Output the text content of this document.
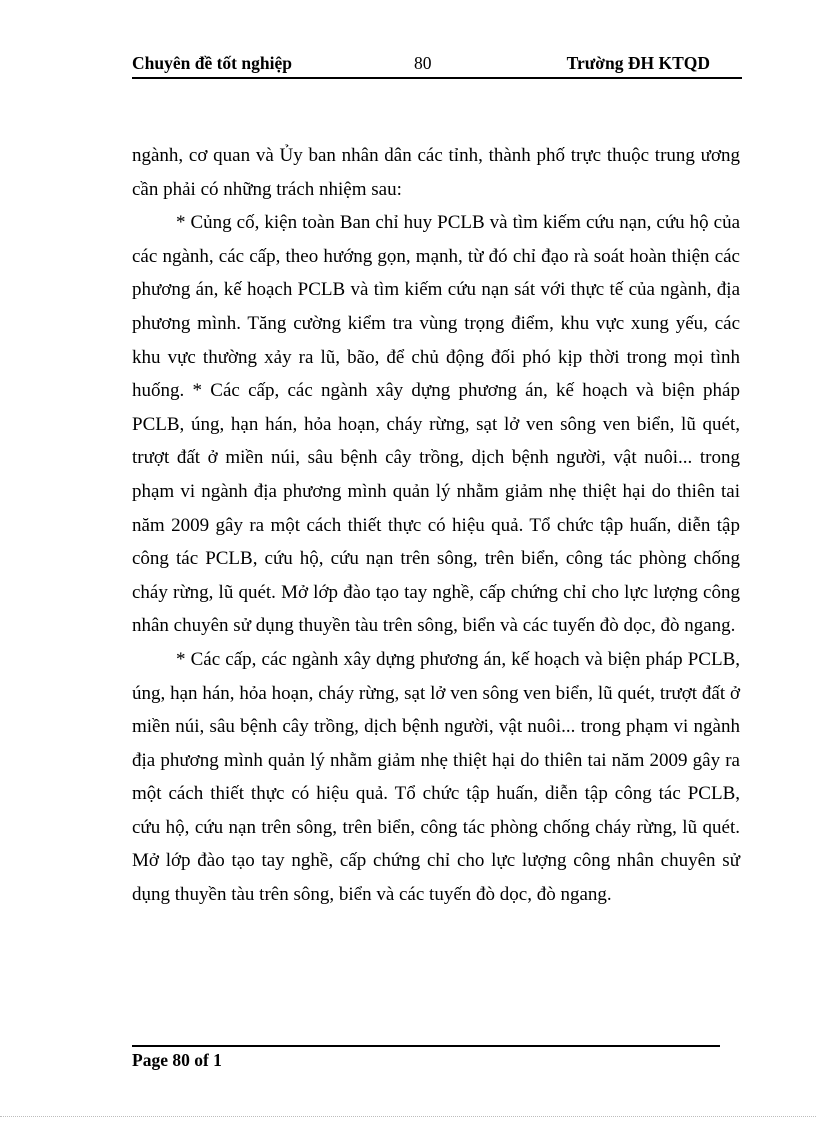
Chuyên đề tốt nghiệp	80	Trường ĐH KTQD

ngành, cơ quan và Ủy ban nhân dân các tỉnh, thành phố trực thuộc trung ương cần phải có những trách nhiệm sau:

* Củng cố, kiện toàn Ban chỉ huy PCLB và tìm kiếm cứu nạn, cứu hộ của các ngành, các cấp, theo hướng gọn, mạnh, từ đó chỉ đạo rà soát hoàn thiện các phương án, kế hoạch PCLB và tìm kiếm cứu nạn sát với thực tế của ngành, địa phương mình. Tăng cường kiểm tra vùng trọng điểm, khu vực xung yếu, các khu vực thường xảy ra lũ, bão, để chủ động đối phó kịp thời trong mọi tình huống. * Các cấp, các ngành xây dựng phương án, kế hoạch và biện pháp PCLB, úng, hạn hán, hỏa hoạn, cháy rừng, sạt lở ven sông ven biển, lũ quét, trượt đất ở miền núi, sâu bệnh cây trồng, dịch bệnh người, vật nuôi... trong phạm vi ngành địa phương mình quản lý nhằm giảm nhẹ thiệt hại do thiên tai năm 2009 gây ra một cách thiết thực có hiệu quả. Tổ chức tập huấn, diễn tập công tác PCLB, cứu hộ, cứu nạn trên sông, trên biển, công tác phòng chống cháy rừng, lũ quét. Mở lớp đào tạo tay nghề, cấp chứng chỉ cho lực lượng công nhân chuyên sử dụng thuyền tàu trên sông, biển và các tuyến đò dọc, đò ngang.

* Các cấp, các ngành xây dựng phương án, kế hoạch và biện pháp PCLB, úng, hạn hán, hỏa hoạn, cháy rừng, sạt lở ven sông ven biển, lũ quét, trượt đất ở miền núi, sâu bệnh cây trồng, dịch bệnh người, vật nuôi... trong phạm vi ngành địa phương mình quản lý nhằm giảm nhẹ thiệt hại do thiên tai năm 2009 gây ra một cách thiết thực có hiệu quả. Tổ chức tập huấn, diễn tập công tác PCLB, cứu hộ, cứu nạn trên sông, trên biển, công tác phòng chống cháy rừng, lũ quét. Mở lớp đào tạo tay nghề, cấp chứng chỉ cho lực lượng công nhân chuyên sử dụng thuyền tàu trên sông, biển và các tuyến đò dọc, đò ngang.

Page 80 of 1
